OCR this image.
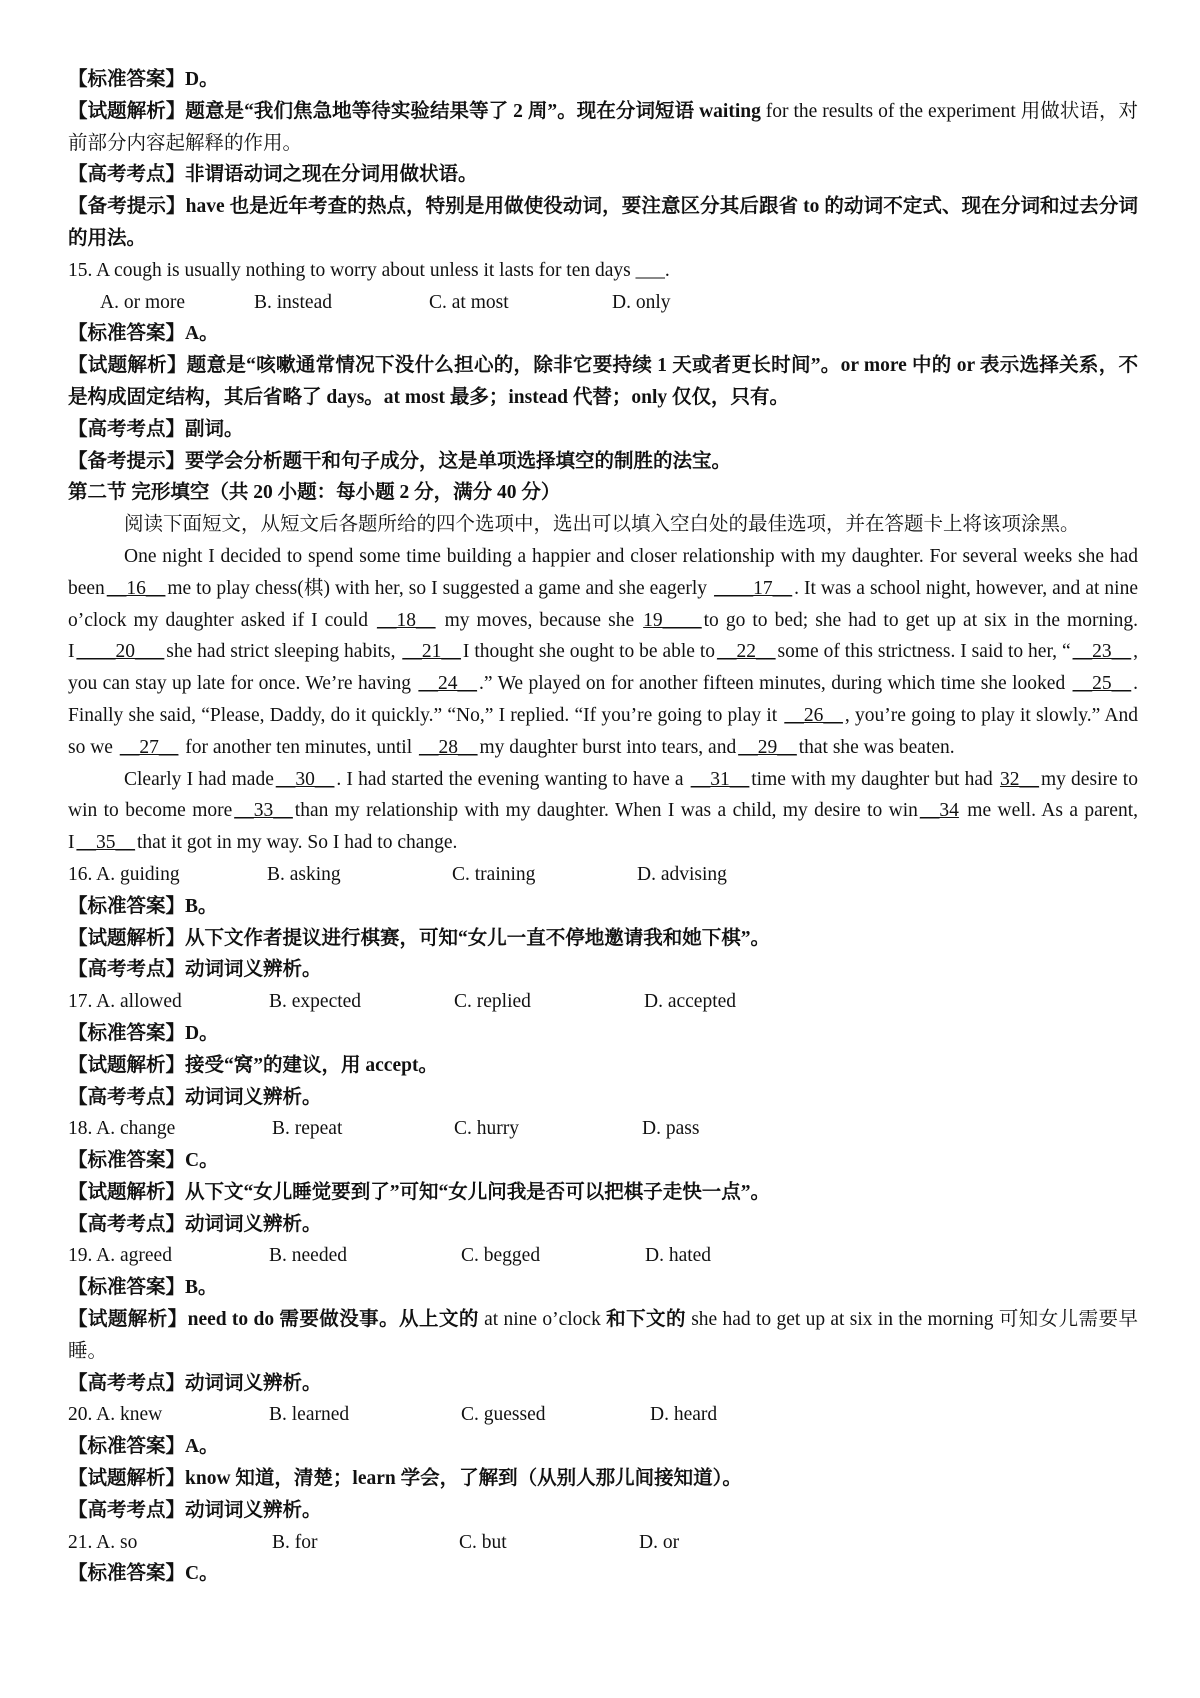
【标准答案】D。
【试题解析】题意是“我们焦急地等待实验结果等了 2 周”。现在分词短语 waiting for the results of the experiment 用做状语，对前部分内容起解释的作用。
【高考考点】非谓语动词之现在分词用做状语。
【备考提示】have 也是近年考查的热点，特别是用做使役动词，要注意区分其后跟省 to 的动词不定式、现在分词和过去分词的用法。
15. A cough is usually nothing to worry about unless it lasts for ten days ___.
A. or more	B. instead	C. at most	D. only
【标准答案】A。
【试题解析】题意是“咳嗽通常情况下没什么担心的，除非它要持续 1 天或者更长时间”。or more 中的 or 表示选择关系，不是构成固定结构，其后省略了 days。at most 最多；instead 代替；only 仅仅，只有。
【高考考点】副词。
【备考提示】要学会分析题干和句子成分，这是单项选择填空的制胜的法宝。
第二节 完形填空（共 20 小题：每小题 2 分，满分 40 分）
阅读下面短文，从短文后各题所给的四个选项中，选出可以填入空白处的最佳选项，并在答题卡上将该项涂黑。
One night I decided to spend some time building a happier and closer relationship with my daughter. For several weeks she had been __16__ me to play chess(棋) with her, so I suggested a game and she eagerly ____17__ . It was a school night, however, and at nine o’clock my daughter asked if I could __18__ my moves, because she 19____ to go to bed; she had to get up at six in the morning. I ____20___ she had strict sleeping habits, __21__ I thought she ought to be able to __22__ some of this strictness. I said to her, “ __23__ , you can stay up late for once. We’re having __24__ .” We played on for another fifteen minutes, during which time she looked __25__ . Finally she said, “Please, Daddy, do it quickly.” “No,” I replied. “If you’re going to play it __26__ , you’re going to play it slowly.” And so we __27__ for another ten minutes, until __28__ my daughter burst into tears, and __29__ that she was beaten.
Clearly I had made __30__ . I had started the evening wanting to have a __31__ time with my daughter but had 32__ my desire to win to become more __33__ than my relationship with my daughter. When I was a child, my desire to win __34 me well. As a parent, I __35__ that it got in my way. So I had to change.
16. A. guiding	B. asking	C. training	D. advising
【标准答案】B。
【试题解析】从下文作者提议进行棋赛，可知“女儿一直不停地邀请我和她下棋”。
【高考考点】动词词义辨析。
17. A. allowed	B. expected	C. replied	D. accepted
【标准答案】D。
【试题解析】接受“窝”的建议，用 accept。
【高考考点】动词词义辨析。
18. A. change	B. repeat	C. hurry	D. pass
【标准答案】C。
【试题解析】从下文“女儿睡觉要到了”可知“女儿问我是否可以把棋子走快一点”。
【高考考点】动词词义辨析。
19. A. agreed	B. needed	C. begged	D. hated
【标准答案】B。
【试题解析】need to do 需要做没事。从上文的 at nine o’clock 和下文的 she had to get up at six in the morning 可知女儿需要早睡。
【高考考点】动词词义辨析。
20. A. knew	B. learned	C. guessed	D. heard
【标准答案】A。
【试题解析】know 知道，清楚；learn 学会，了解到（从别人那儿间接知道）。
【高考考点】动词词义辨析。
21. A. so	B. for	C. but	D. or
【标准答案】C。
